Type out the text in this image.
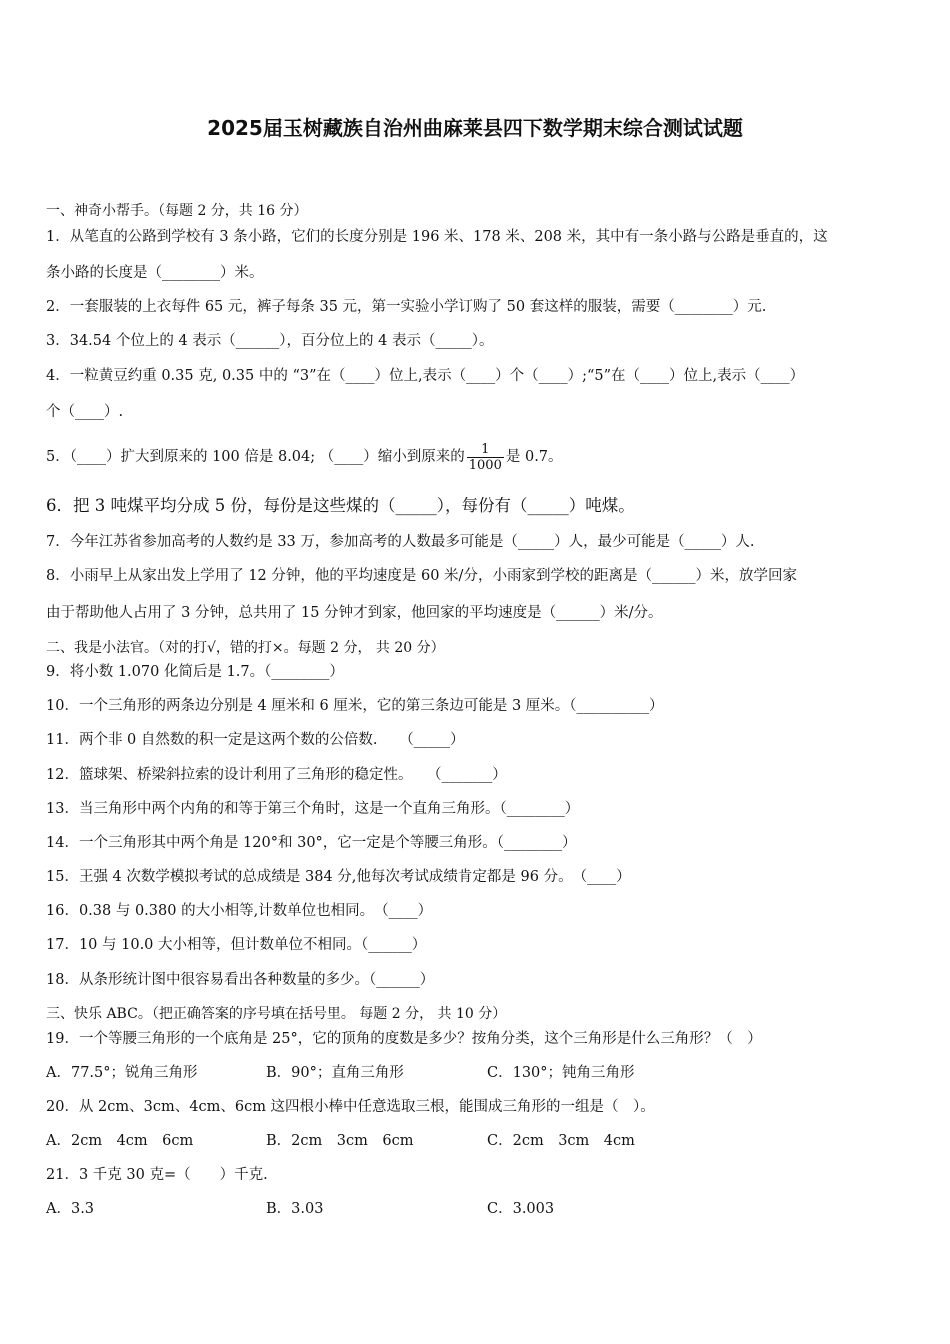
2025届玉树藏族自治州曲麻莱县四下数学期末综合测试试题
一、神奇小帮手。（每题 2 分，共 16 分）
1．从笔直的公路到学校有 3 条小路，它们的长度分别是 196 米、178 米、208 米，其中有一条小路与公路是垂直的，这
条小路的长度是（________）米。
2．一套服装的上衣每件 65 元，裤子每条 35 元，第一实验小学订购了 50 套这样的服装，需要（________）元.
3．34.54 个位上的 4 表示（______），百分位上的 4 表示（_____）。
4．一粒黄豆约重 0.35 克, 0.35 中的 “3”在（____）位上,表示（____）个（____）;“5”在（____）位上,表示（____）
个（____）.
5．（____）扩大到原来的 100 倍是 8.04; （____）缩小到原来的 $\frac{1}{1000}$ 是 0.7。
6．把 3 吨煤平均分成 5 份，每份是这些煤的（_____），每份有（_____）吨煤。
7．今年江苏省参加高考的人数约是 33 万，参加高考的人数最多可能是（_____）人，最少可能是（_____）人.
8．小雨早上从家出发上学用了 12 分钟，他的平均速度是 60 米/分，小雨家到学校的距离是（______）米，放学回家
由于帮助他人占用了 3 分钟，总共用了 15 分钟才到家，他回家的平均速度是（______）米/分。
二、我是小法官。（对的打√，错的打×。每题 2 分， 共 20 分）
9．将小数 1.070 化简后是 1.7。（________）
10．一个三角形的两条边分别是 4 厘米和 6 厘米，它的第三条边可能是 3 厘米。（__________）
11．两个非 0 自然数的积一定是这两个数的公倍数.　　（_____）
12．篮球架、桥梁斜拉索的设计利用了三角形的稳定性。　　（_______）
13．当三角形中两个内角的和等于第三个角时，这是一个直角三角形。（________）
14．一个三角形其中两个角是 120°和 30°，它一定是个等腰三角形。（________）
15．王强 4 次数学模拟考试的总成绩是 384 分,他每次考试成绩肯定都是 96 分。　（____）
16．0.38 与 0.380 的大小相等,计数单位也相同。　（____）
17．10 与 10.0 大小相等，但计数单位不相同。（______）
18．从条形统计图中很容易看出各种数量的多少。（______）
三、快乐 ABC。（把正确答案的序号填在括号里。 每题 2 分， 共 10 分）
19．一个等腰三角形的一个底角是 25°，它的顶角的度数是多少？按角分类，这个三角形是什么三角形？（　）
A．77.5°；锐角三角形	B．90°；直角三角形	C．130°；钝角三角形
20．从 2cm、3cm、4cm、6cm 这四根小棒中任意选取三根，能围成三角形的一组是（　）。
A．2cm　4cm　6cm	B．2cm　3cm　6cm	C．2cm　3cm　4cm
21．3 千克 30 克=（　　）千克.
A．3.3	B．3.03	C．3.003
